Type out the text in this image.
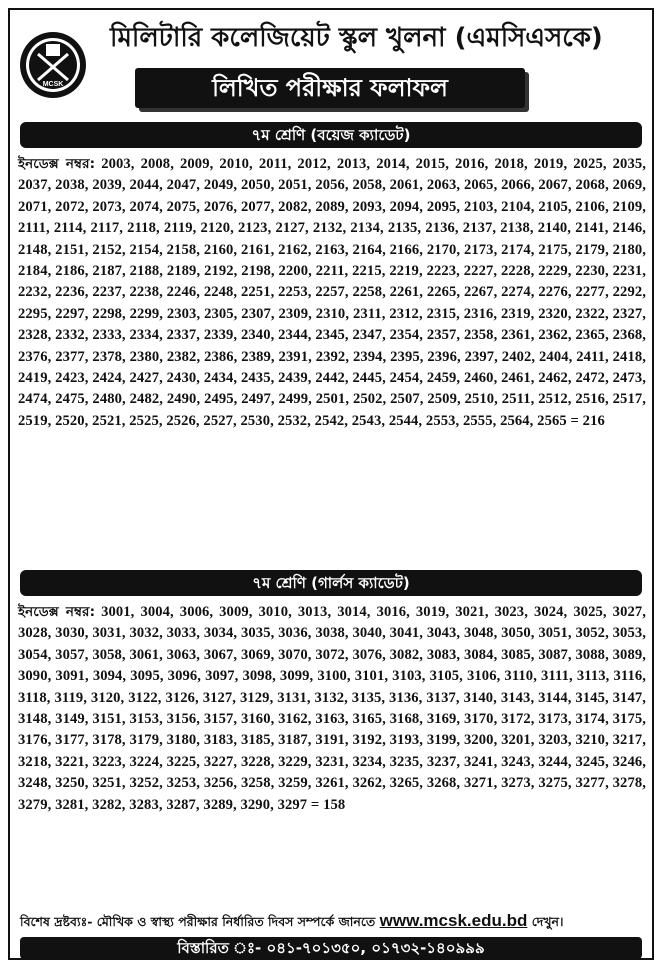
MCSK
মিলিটারি কলেজিয়েট স্কুল খুলনা (এমসিএসকে)
লিখিত পরীক্ষার ফলাফল
৭ম শ্রেণি (বয়েজ ক্যাডেট)
ইনডেক্স নম্বর: 2003, 2008, 2009, 2010, 2011, 2012, 2013, 2014, 2015, 2016, 2018, 2019, 2025, 2035, 2037, 2038, 2039, 2044, 2047, 2049, 2050, 2051, 2056, 2058, 2061, 2063, 2065, 2066, 2067, 2068, 2069, 2071, 2072, 2073, 2074, 2075, 2076, 2077, 2082, 2089, 2093, 2094, 2095, 2103, 2104, 2105, 2106, 2109, 2111, 2114, 2117, 2118, 2119, 2120, 2123, 2127, 2132, 2134, 2135, 2136, 2137, 2138, 2140, 2141, 2146, 2148, 2151, 2152, 2154, 2158, 2160, 2161, 2162, 2163, 2164, 2166, 2170, 2173, 2174, 2175, 2179, 2180, 2184, 2186, 2187, 2188, 2189, 2192, 2198, 2200, 2211, 2215, 2219, 2223, 2227, 2228, 2229, 2230, 2231, 2232, 2236, 2237, 2238, 2246, 2248, 2251, 2253, 2257, 2258, 2261, 2265, 2267, 2274, 2276, 2277, 2292, 2295, 2297, 2298, 2299, 2303, 2305, 2307, 2309, 2310, 2311, 2312, 2315, 2316, 2319, 2320, 2322, 2327, 2328, 2332, 2333, 2334, 2337, 2339, 2340, 2344, 2345, 2347, 2354, 2357, 2358, 2361, 2362, 2365, 2368, 2376, 2377, 2378, 2380, 2382, 2386, 2389, 2391, 2392, 2394, 2395, 2396, 2397, 2402, 2404, 2411, 2418, 2419, 2423, 2424, 2427, 2430, 2434, 2435, 2439, 2442, 2445, 2454, 2459, 2460, 2461, 2462, 2472, 2473, 2474, 2475, 2480, 2482, 2490, 2495, 2497, 2499, 2501, 2502, 2507, 2509, 2510, 2511, 2512, 2516, 2517, 2519, 2520, 2521, 2525, 2526, 2527, 2530, 2532, 2542, 2543, 2544, 2553, 2555, 2564, 2565 = 216
৭ম শ্রেণি (গার্লস ক্যাডেট)
ইনডেক্স নম্বর: 3001, 3004, 3006, 3009, 3010, 3013, 3014, 3016, 3019, 3021, 3023, 3024, 3025, 3027, 3028, 3030, 3031, 3032, 3033, 3034, 3035, 3036, 3038, 3040, 3041, 3043, 3048, 3050, 3051, 3052, 3053, 3054, 3057, 3058, 3061, 3063, 3067, 3069, 3070, 3072, 3076, 3082, 3083, 3084, 3085, 3087, 3088, 3089, 3090, 3091, 3094, 3095, 3096, 3097, 3098, 3099, 3100, 3101, 3103, 3105, 3106, 3110, 3111, 3113, 3116, 3118, 3119, 3120, 3122, 3126, 3127, 3129, 3131, 3132, 3135, 3136, 3137, 3140, 3143, 3144, 3145, 3147, 3148, 3149, 3151, 3153, 3156, 3157, 3160, 3162, 3163, 3165, 3168, 3169, 3170, 3172, 3173, 3174, 3175, 3176, 3177, 3178, 3179, 3180, 3183, 3185, 3187, 3191, 3192, 3193, 3199, 3200, 3201, 3203, 3210, 3217, 3218, 3221, 3223, 3224, 3225, 3227, 3228, 3229, 3231, 3234, 3235, 3237, 3241, 3243, 3244, 3245, 3246, 3248, 3250, 3251, 3252, 3253, 3256, 3258, 3259, 3261, 3262, 3265, 3268, 3271, 3273, 3275, 3277, 3278, 3279, 3281, 3282, 3283, 3287, 3289, 3290, 3297 = 158
বিশেষ দ্রষ্টব্যঃ- মৌখিক ও স্বাস্থ্য পরীক্ষার নির্ধারিত দিবস সম্পর্কে জানতে www.mcsk.edu.bd দেখুন।
বিস্তারিত ঃ- ০৪১-৭০১৩৫০, ০১৭৩২-১৪০৯৯৯
